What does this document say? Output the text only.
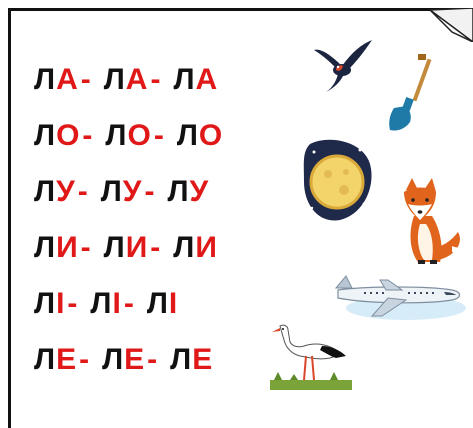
ЛА- ЛА- ЛА
ЛО- ЛО- ЛО
ЛУ- ЛУ- ЛУ
ЛИ- ЛИ- ЛИ
ЛІ- ЛІ- ЛІ
ЛЕ- ЛЕ- ЛЕ
